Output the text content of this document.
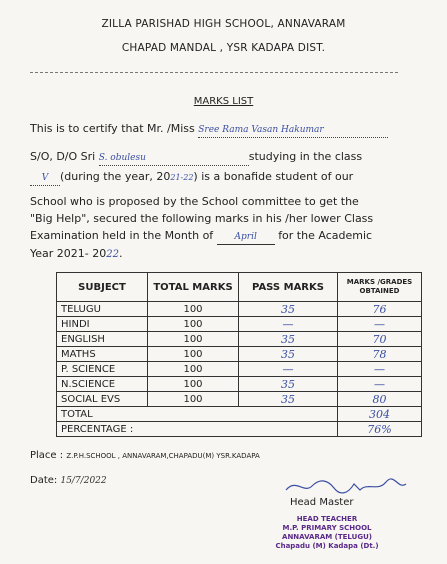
ZILLA PARISHAD HIGH SCHOOL, ANNAVARAM
CHAPAD MANDAL , YSR KADAPA DIST.
MARKS LIST
This is to certify that Mr. /Miss Sree Rama Vasan Hakumar
S/O, D/O Sri S. obulesu	studying in the class
V (during the year, 2021-22) is a bonafide student of our
School who is proposed by the School committee to get the
"Big Help", secured the following marks in his /her lower Class
Examination held in the Month of April for the Academic
Year 2021- 2022.
SUBJECT	TOTAL MARKS	PASS MARKS	MARKS /GRADES OBTAINED
TELUGU	100	35	76
HINDI	100	—	—
ENGLISH	100	35	70
MATHS	100	35	78
P. SCIENCE	100	—	—
N.SCIENCE	100	35	—
SOCIAL EVS	100	35	80
TOTAL			304
PERCENTAGE :			76%
Place : Z.P.H.SCHOOL , ANNAVARAM,CHAPADU(M) YSR.KADAPA
Date: 15/7/2022
Head Master
HEAD TEACHER
M.P. PRIMARY SCHOOL
ANNAVARAM (TELUGU)
Chapadu (M) Kadapa (Dt.)
